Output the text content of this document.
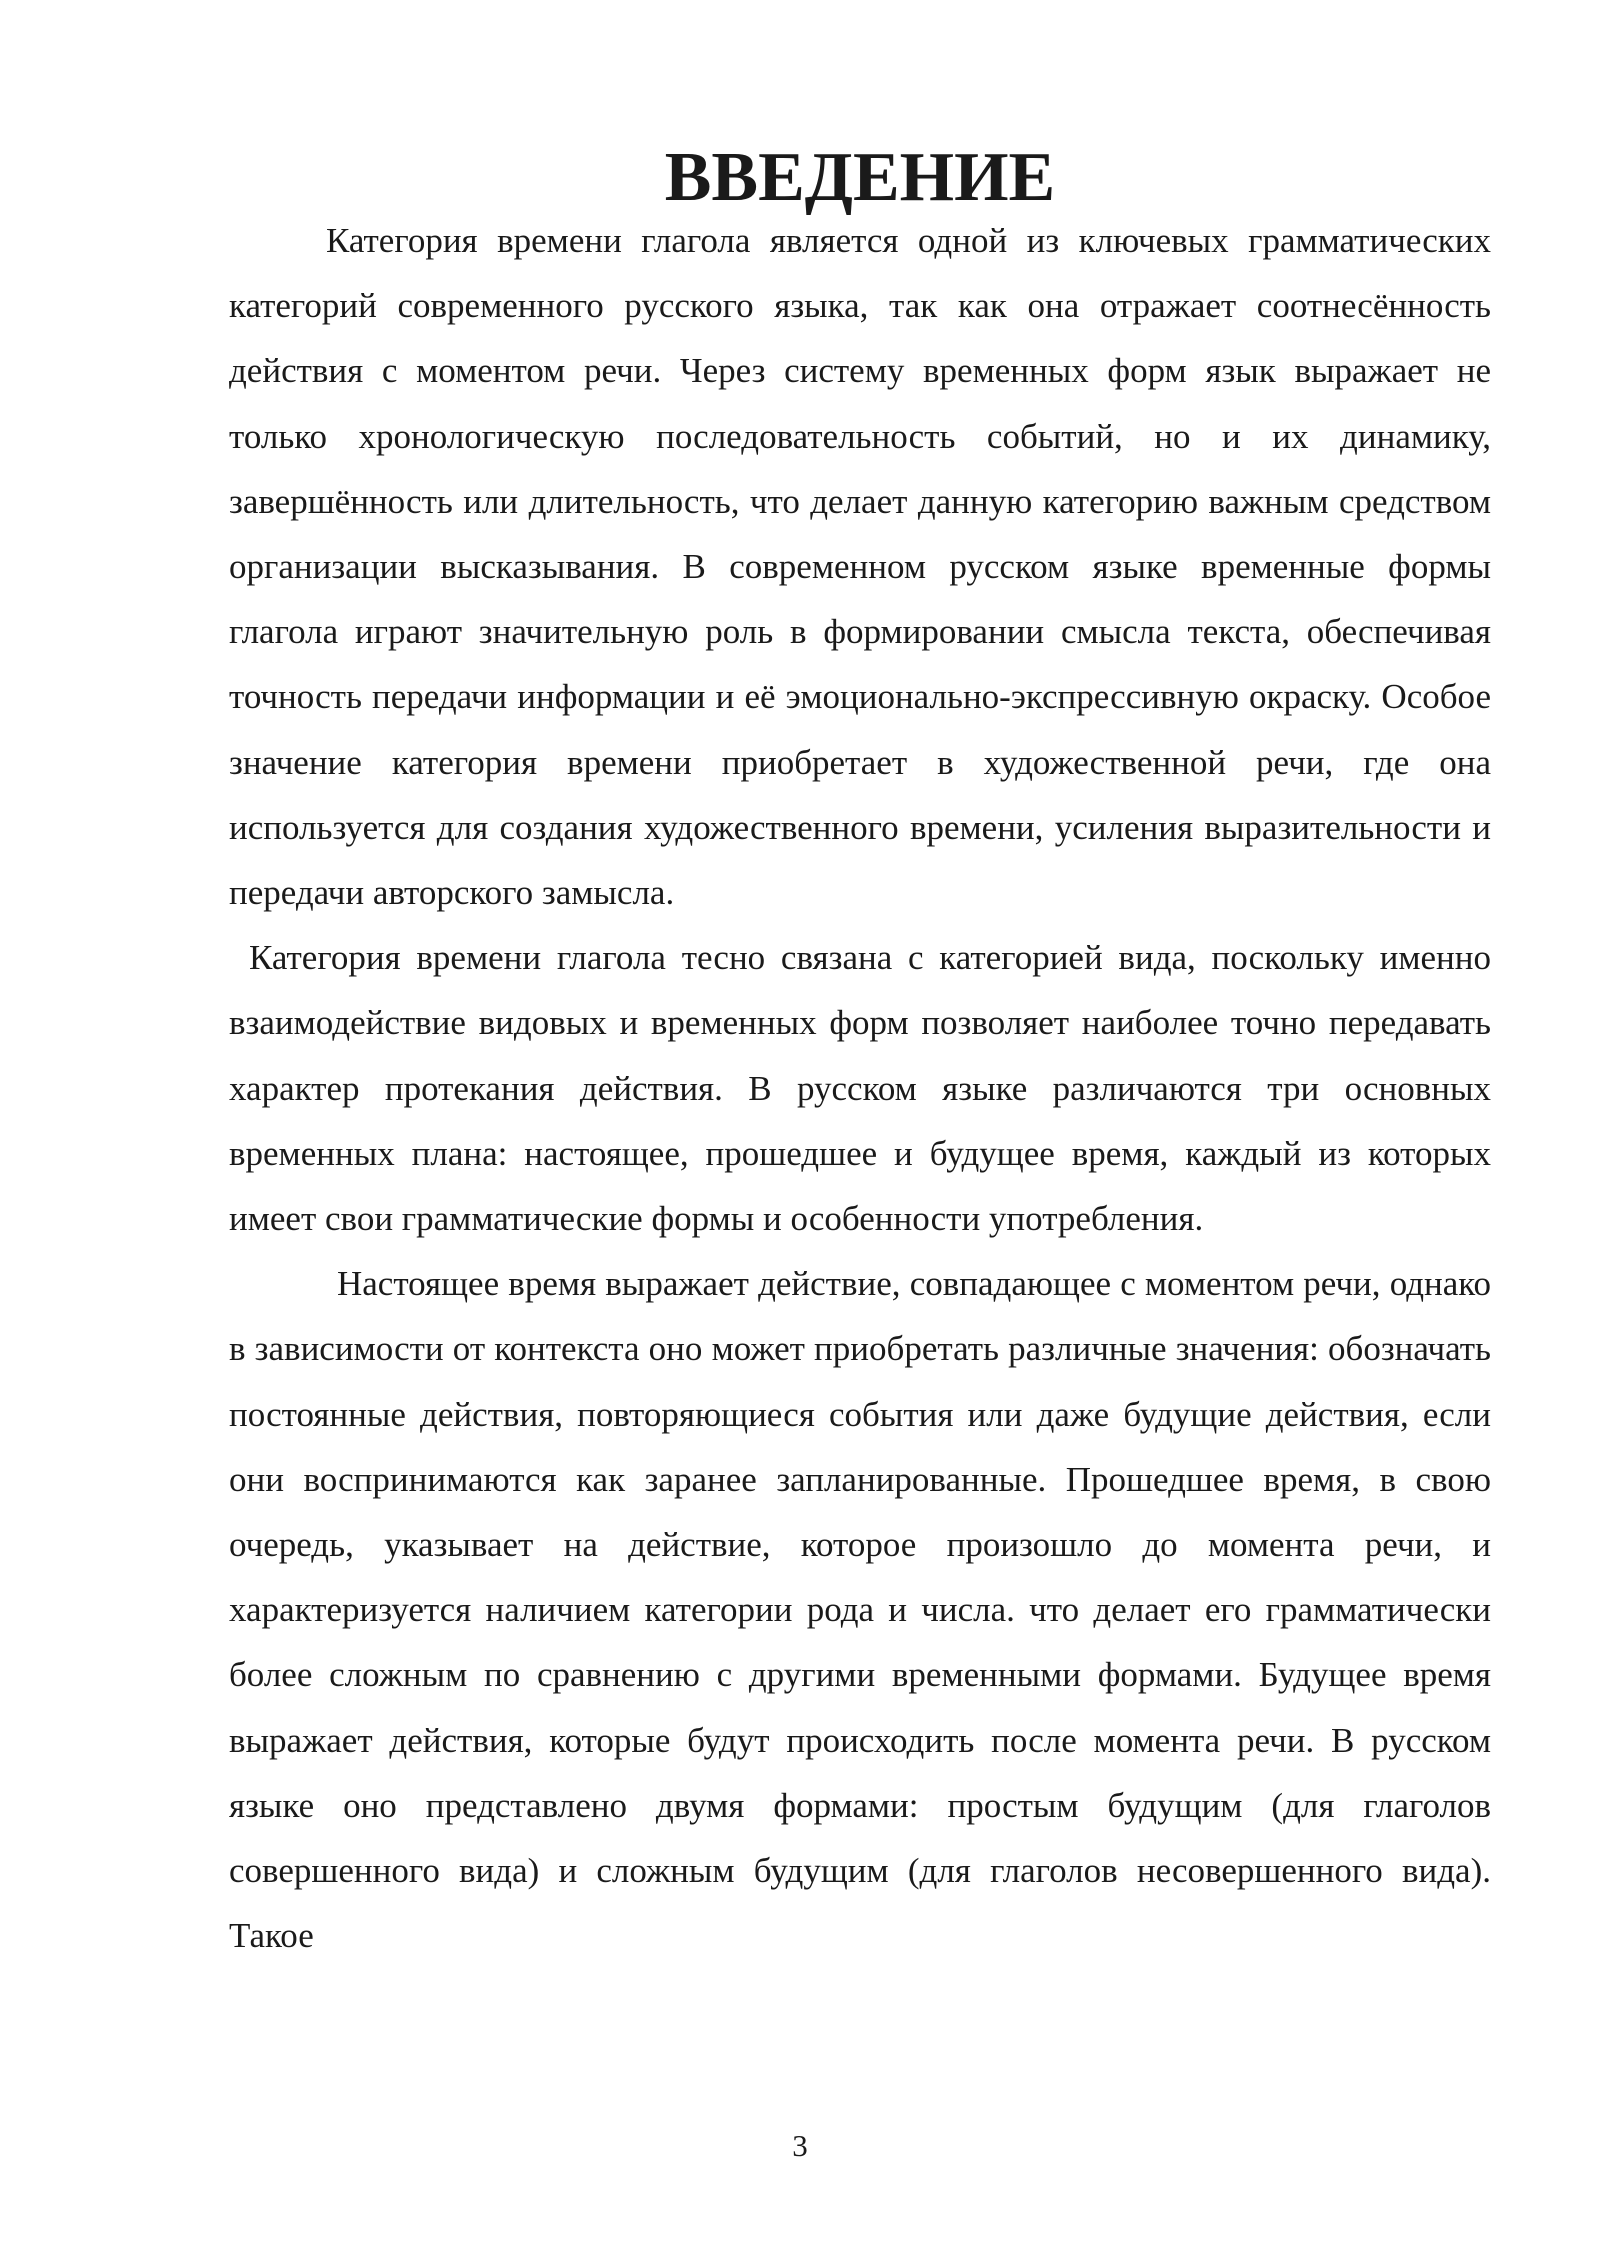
ВВЕДЕНИЕ

Категория времени глагола является одной из ключевых грамматических категорий современного русского языка, так как она отражает соотнесённость действия с моментом речи. Через систему временных форм язык выражает не только хронологическую последовательность событий, но и их динамику, завершённость или длительность, что делает данную категорию важным средством организации высказывания. В современном русском языке временные формы глагола играют значительную роль в формировании смысла текста, обеспечивая точность передачи информации и её эмоционально-экспрессивную окраску. Особое значение категория времени приобретает в художественной речи, где она используется для создания художественного времени, усиления выразительности и передачи авторского замысла.

Категория времени глагола тесно связана с категорией вида, поскольку именно взаимодействие видовых и временных форм позволяет наиболее точно передавать характер протекания действия. В русском языке различаются три основных временных плана: настоящее, прошедшее и будущее время, каждый из которых имеет свои грамматические формы и особенности употребления.

Настоящее время выражает действие, совпадающее с моментом речи, однако в зависимости от контекста оно может приобретать различные значения: обозначать постоянные действия, повторяющиеся события или даже будущие действия, если они воспринимаются как заранее запланированные. Прошедшее время, в свою очередь, указывает на действие, которое произошло до момента речи, и характеризуется наличием категории рода и числа. что делает его грамматически более сложным по сравнению с другими временными формами. Будущее время выражает действия, которые будут происходить после момента речи. В русском языке оно представлено двумя формами: простым будущим (для глаголов совершенного вида) и сложным будущим (для глаголов несовершенного вида). Такое

3
